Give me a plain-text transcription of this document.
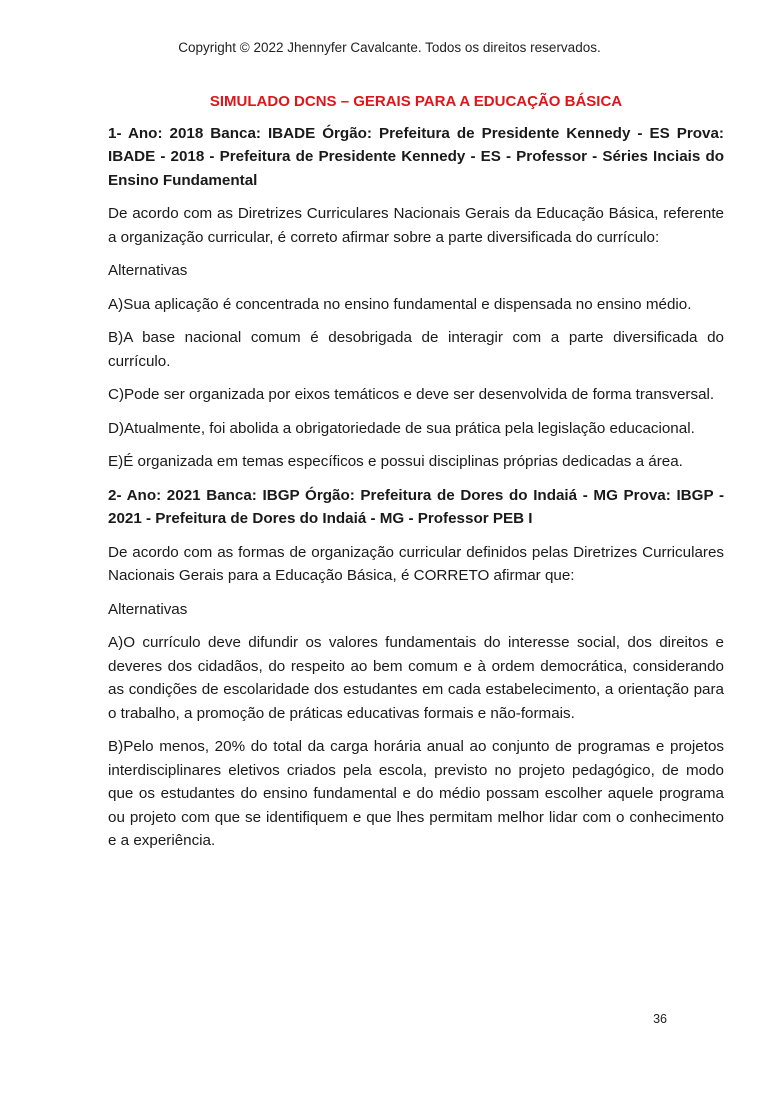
Copyright © 2022 Jhennyfer Cavalcante. Todos os direitos reservados.

SIMULADO DCNS – GERAIS PARA A EDUCAÇÃO BÁSICA

1- Ano: 2018 Banca: IBADE Órgão: Prefeitura de Presidente Kennedy - ES Prova: IBADE - 2018 - Prefeitura de Presidente Kennedy - ES - Professor - Séries Inciais do Ensino Fundamental

De acordo com as Diretrizes Curriculares Nacionais Gerais da Educação Básica, referente a organização curricular, é correto afirmar sobre a parte diversificada do currículo:

Alternativas

A)Sua aplicação é concentrada no ensino fundamental e dispensada no ensino médio.

B)A base nacional comum é desobrigada de interagir com a parte diversificada do currículo.

C)Pode ser organizada por eixos temáticos e deve ser desenvolvida de forma transversal.

D)Atualmente, foi abolida a obrigatoriedade de sua prática pela legislação educacional.

E)É organizada em temas específicos e possui disciplinas próprias dedicadas a área.

2- Ano: 2021 Banca: IBGP Órgão: Prefeitura de Dores do Indaiá - MG Prova: IBGP - 2021 - Prefeitura de Dores do Indaiá - MG - Professor PEB I

De acordo com as formas de organização curricular definidos pelas Diretrizes Curriculares Nacionais Gerais para a Educação Básica, é CORRETO afirmar que:

Alternativas

A)O currículo deve difundir os valores fundamentais do interesse social, dos direitos e deveres dos cidadãos, do respeito ao bem comum e à ordem democrática, considerando as condições de escolaridade dos estudantes em cada estabelecimento, a orientação para o trabalho, a promoção de práticas educativas formais e não-formais.

B)Pelo menos, 20% do total da carga horária anual ao conjunto de programas e projetos interdisciplinares eletivos criados pela escola, previsto no projeto pedagógico, de modo que os estudantes do ensino fundamental e do médio possam escolher aquele programa ou projeto com que se identifiquem e que lhes permitam melhor lidar com o conhecimento e a experiência.

36
